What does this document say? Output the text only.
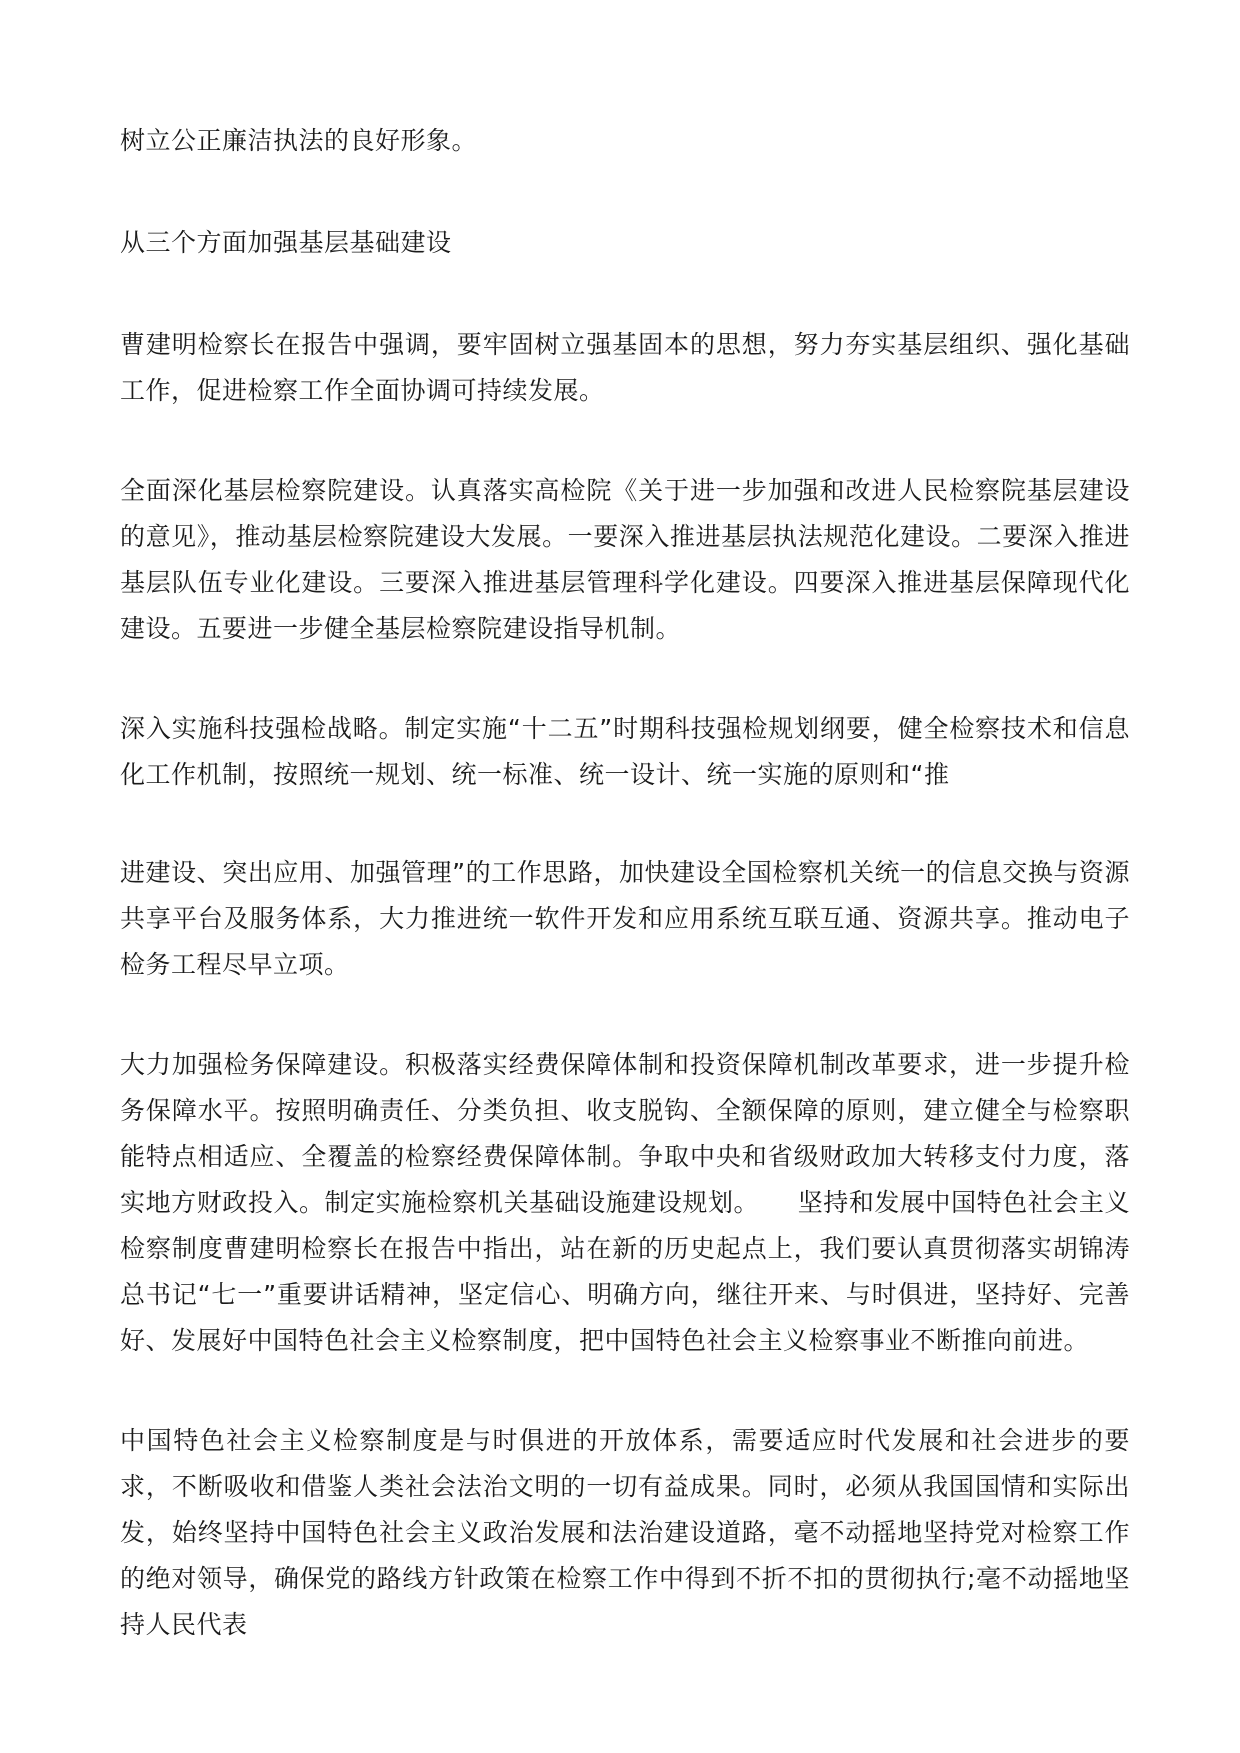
树立公正廉洁执法的良好形象。

从三个方面加强基层基础建设

曹建明检察长在报告中强调，要牢固树立强基固本的思想，努力夯实基层组织、强化基础工作，促进检察工作全面协调可持续发展。

全面深化基层检察院建设。认真落实高检院《关于进一步加强和改进人民检察院基层建设的意见》，推动基层检察院建设大发展。一要深入推进基层执法规范化建设。二要深入推进基层队伍专业化建设。三要深入推进基层管理科学化建设。四要深入推进基层保障现代化建设。五要进一步健全基层检察院建设指导机制。

深入实施科技强检战略。制定实施“十二五”时期科技强检规划纲要，健全检察技术和信息化工作机制，按照统一规划、统一标准、统一设计、统一实施的原则和“推

进建设、突出应用、加强管理”的工作思路，加快建设全国检察机关统一的信息交换与资源共享平台及服务体系，大力推进统一软件开发和应用系统互联互通、资源共享。推动电子检务工程尽早立项。

大力加强检务保障建设。积极落实经费保障体制和投资保障机制改革要求，进一步提升检务保障水平。按照明确责任、分类负担、收支脱钩、全额保障的原则，建立健全与检察职能特点相适应、全覆盖的检察经费保障体制。争取中央和省级财政加大转移支付力度，落实地方财政投入。制定实施检察机关基础设施建设规划。　　坚持和发展中国特色社会主义检察制度曹建明检察长在报告中指出，站在新的历史起点上，我们要认真贯彻落实胡锦涛总书记“七一”重要讲话精神，坚定信心、明确方向，继往开来、与时俱进，坚持好、完善好、发展好中国特色社会主义检察制度，把中国特色社会主义检察事业不断推向前进。

中国特色社会主义检察制度是与时俱进的开放体系，需要适应时代发展和社会进步的要求，不断吸收和借鉴人类社会法治文明的一切有益成果。同时，必须从我国国情和实际出发，始终坚持中国特色社会主义政治发展和法治建设道路，毫不动摇地坚持党对检察工作的绝对领导，确保党的路线方针政策在检察工作中得到不折不扣的贯彻执行;毫不动摇地坚持人民代表
